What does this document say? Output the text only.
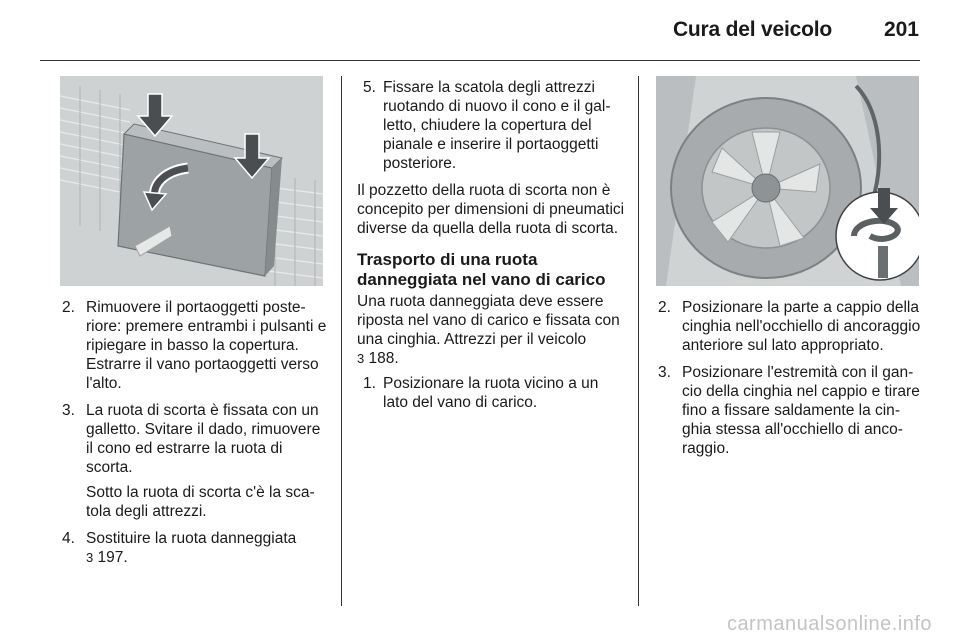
Cura del veicolo 201
2. Rimuovere il portaoggetti posteriore: premere entrambi i pulsanti e ripiegare in basso la copertura. Estrarre il vano portaoggetti verso l'alto.

3. La ruota di scorta è fissata con un galletto. Svitare il dado, rimuovere il cono ed estrarre la ruota di scorta.

Sotto la ruota di scorta c'è la scatola degli attrezzi.

4. Sostituire la ruota danneggiata
3 197.

5. Fissare la scatola degli attrezzi ruotando di nuovo il cono e il galletto, chiudere la copertura del pianale e inserire il portaoggetti posteriore.

Il pozzetto della ruota di scorta non è concepito per dimensioni di pneumatici diverse da quella della ruota di scorta.

Trasporto di una ruota danneggiata nel vano di carico

Una ruota danneggiata deve essere riposta nel vano di carico e fissata con una cinghia. Attrezzi per il veicolo
3 188.

1. Posizionare la ruota vicino a un lato del vano di carico.

2. Posizionare la parte a cappio della cinghia nell'occhiello di ancoraggio anteriore sul lato appropriato.

3. Posizionare l'estremità con il gancio della cinghia nel cappio e tirare fino a fissare saldamente la cinghia stessa all'occhiello di ancoraggio.

carmanualsonline.info
